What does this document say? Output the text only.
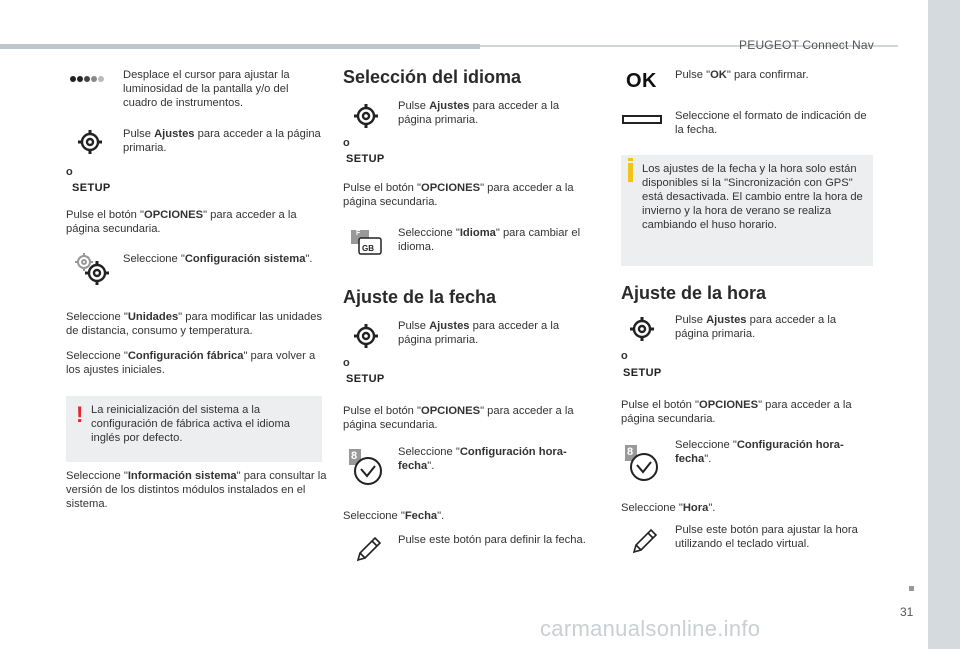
PEUGEOT Connect Nav
31
carmanualsonline.info
Desplace el cursor para ajustar la luminosidad de la pantalla y/o del cuadro de instrumentos.
Pulse Ajustes para acceder a la página primaria.
o
SETUP
Pulse el botón "OPCIONES" para acceder a la página secundaria.
Seleccione "Configuración sistema".
Seleccione "Unidades" para modificar las unidades de distancia, consumo y temperatura.
Seleccione "Configuración fábrica" para volver a los ajustes iniciales.
! La reinicialización del sistema a la configuración de fábrica activa el idioma inglés por defecto.
Seleccione "Información sistema" para consultar la versión de los distintos módulos instalados en el sistema.
Selección del idioma
Pulse Ajustes para acceder a la página primaria.
o
SETUP
Pulse el botón "OPCIONES" para acceder a la página secundaria.
F
GB
Seleccione "Idioma" para cambiar el idioma.
Ajuste de la fecha
Pulse Ajustes para acceder a la página primaria.
o
SETUP
Pulse el botón "OPCIONES" para acceder a la página secundaria.
8	Seleccione "Configuración hora-fecha".
Seleccione "Fecha".
Pulse este botón para definir la fecha.
OK Pulse "OK" para confirmar.
Seleccione el formato de indicación de la fecha.
Los ajustes de la fecha y la hora solo están disponibles si la "Sincronización con GPS" está desactivada. El cambio entre la hora de invierno y la hora de verano se realiza cambiando el huso horario.
Ajuste de la hora
Pulse Ajustes para acceder a la página primaria.
o
SETUP
Pulse el botón "OPCIONES" para acceder a la página secundaria.
8
Seleccione "Configuración hora-fecha".
Seleccione "Hora".
Pulse este botón para ajustar la hora utilizando el teclado virtual.
